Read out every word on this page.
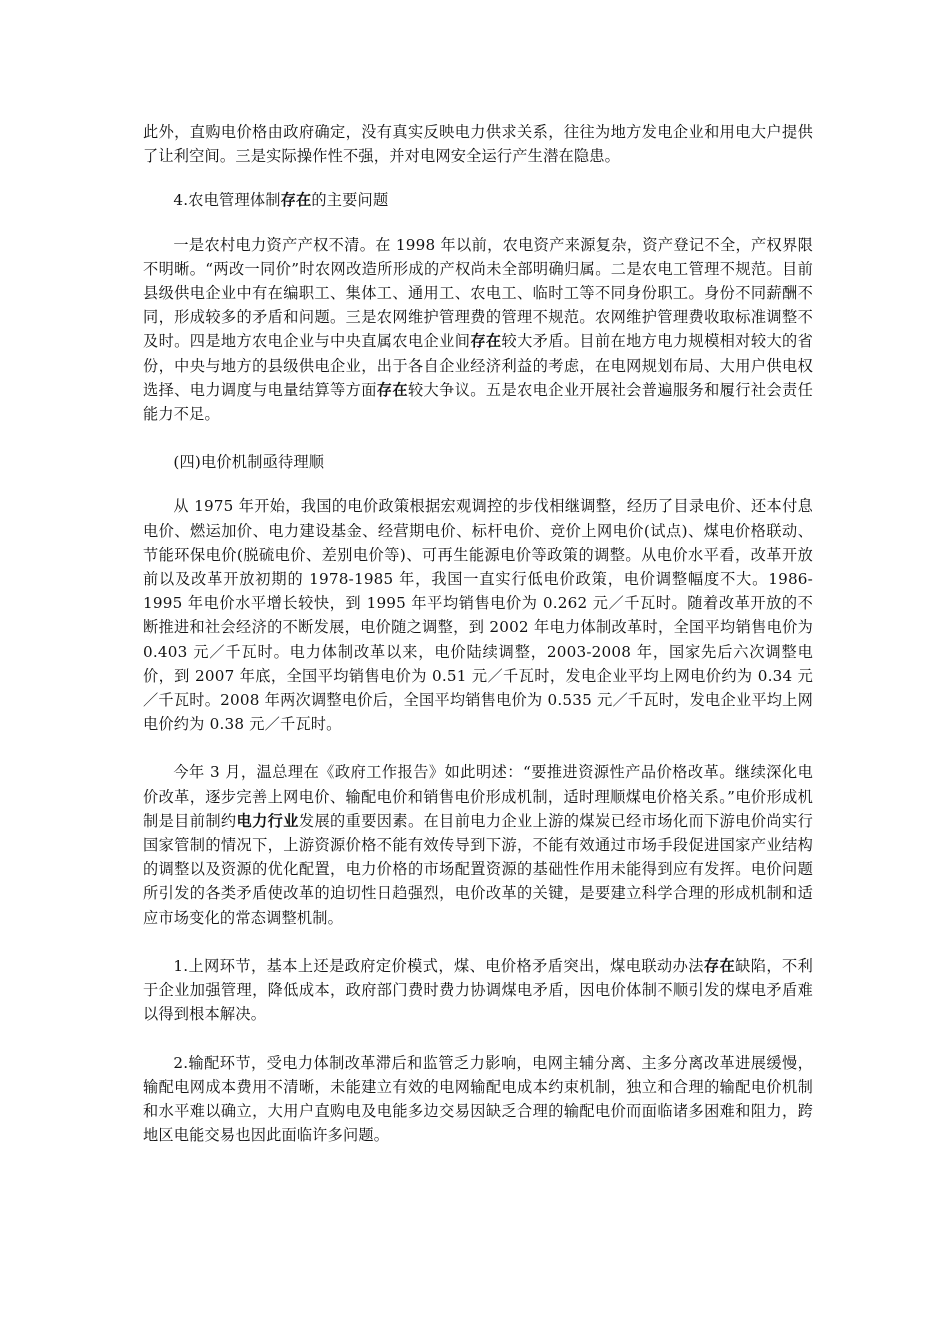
此外，直购电价格由政府确定，没有真实反映电力供求关系，往往为地方发电企业和用电大户提供了让利空间。三是实际操作性不强，并对电网安全运行产生潜在隐患。

4.农电管理体制存在的主要问题

一是农村电力资产产权不清。在 1998 年以前，农电资产来源复杂，资产登记不全，产权界限不明晰。“两改一同价”时农网改造所形成的产权尚未全部明确归属。二是农电工管理不规范。目前县级供电企业中有在编职工、集体工、通用工、农电工、临时工等不同身份职工。身份不同薪酬不同，形成较多的矛盾和问题。三是农网维护管理费的管理不规范。农网维护管理费收取标准调整不及时。四是地方农电企业与中央直属农电企业间存在较大矛盾。目前在地方电力规模相对较大的省份，中央与地方的县级供电企业，出于各自企业经济利益的考虑，在电网规划布局、大用户供电权选择、电力调度与电量结算等方面存在较大争议。五是农电企业开展社会普遍服务和履行社会责任能力不足。

(四)电价机制亟待理顺

从 1975 年开始，我国的电价政策根据宏观调控的步伐相继调整，经历了目录电价、还本付息电价、燃运加价、电力建设基金、经营期电价、标杆电价、竞价上网电价(试点)、煤电价格联动、节能环保电价(脱硫电价、差别电价等)、可再生能源电价等政策的调整。从电价水平看，改革开放前以及改革开放初期的 1978-1985 年，我国一直实行低电价政策，电价调整幅度不大。1986-1995 年电价水平增长较快，到 1995 年平均销售电价为 0.262 元／千瓦时。随着改革开放的不断推进和社会经济的不断发展，电价随之调整，到 2002 年电力体制改革时，全国平均销售电价为 0.403 元／千瓦时。电力体制改革以来，电价陆续调整，2003-2008 年，国家先后六次调整电价，到 2007 年底，全国平均销售电价为 0.51 元／千瓦时，发电企业平均上网电价约为 0.34 元／千瓦时。2008 年两次调整电价后，全国平均销售电价为 0.535 元／千瓦时，发电企业平均上网电价约为 0.38 元／千瓦时。

今年 3 月，温总理在《政府工作报告》如此明述：“要推进资源性产品价格改革。继续深化电价改革，逐步完善上网电价、输配电价和销售电价形成机制，适时理顺煤电价格关系。”电价形成机制是目前制约电力行业发展的重要因素。在目前电力企业上游的煤炭已经市场化而下游电价尚实行国家管制的情况下，上游资源价格不能有效传导到下游，不能有效通过市场手段促进国家产业结构的调整以及资源的优化配置，电力价格的市场配置资源的基础性作用未能得到应有发挥。电价问题所引发的各类矛盾使改革的迫切性日趋强烈，电价改革的关键，是要建立科学合理的形成机制和适应市场变化的常态调整机制。

1.上网环节，基本上还是政府定价模式，煤、电价格矛盾突出，煤电联动办法存在缺陷，不利于企业加强管理，降低成本，政府部门费时费力协调煤电矛盾，因电价体制不顺引发的煤电矛盾难以得到根本解决。

2.输配环节，受电力体制改革滞后和监管乏力影响，电网主辅分离、主多分离改革进展缓慢，输配电网成本费用不清晰，未能建立有效的电网输配电成本约束机制，独立和合理的输配电价机制和水平难以确立，大用户直购电及电能多边交易因缺乏合理的输配电价而面临诸多困难和阻力，跨地区电能交易也因此面临许多问题。
